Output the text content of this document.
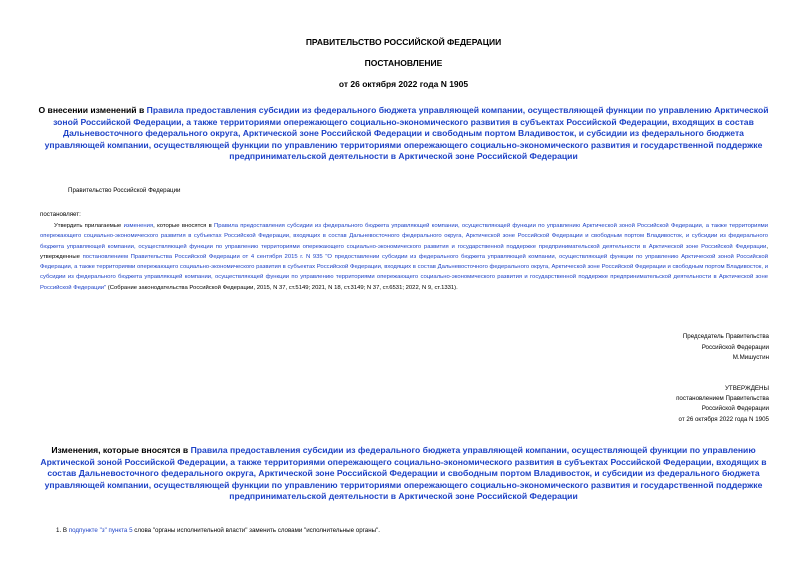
ПРАВИТЕЛЬСТВО РОССИЙСКОЙ ФЕДЕРАЦИИ
ПОСТАНОВЛЕНИЕ
от 26 октября 2022 года N 1905
О внесении изменений в Правила предоставления субсидии из федерального бюджета управляющей компании, осуществляющей функции по управлению Арктической зоной Российской Федерации, а также территориями опережающего социально-экономического развития в субъектах Российской Федерации, входящих в состав Дальневосточного федерального округа, Арктической зоне Российской Федерации и свободным портом Владивосток, и субсидии из федерального бюджета управляющей компании, осуществляющей функции по управлению территориями опережающего социально-экономического развития и государственной поддержке предпринимательской деятельности в Арктической зоне Российской Федерации
Правительство Российской Федерации
постановляет:

Утвердить прилагаемые изменения, которые вносятся в Правила предоставления субсидии из федерального бюджета управляющей компании, осуществляющей функции по управлению Арктической зоной Российской Федерации, а также территориями опережающего социально-экономического развития в субъектах Российской Федерации, входящих в состав Дальневосточного федерального округа, Арктической зоне Российской Федерации и свободным портом Владивосток, и субсидии из федерального бюджета управляющей компании, осуществляющей функции по управлению территориями опережающего социально-экономического развития и государственной поддержке предпринимательской деятельности в Арктической зоне Российской Федерации, утвержденные постановлением Правительства Российской Федерации от 4 сентября 2015 г. N 935 "О предоставлении субсидии из федерального бюджета управляющей компании, осуществляющей функции по управлению Арктической зоной Российской Федерации, а также территориями опережающего социально-экономического развития в субъектах Российской Федерации, входящих в состав Дальневосточного федерального округа, Арктической зоне Российской Федерации и свободным портом Владивосток, и субсидии из федерального бюджета управляющей компании, осуществляющей функции по управлению территориями опережающего социально-экономического развития и государственной поддержке предпринимательской деятельности в Арктической зоне Российской Федерации" (Собрание законодательства Российской Федерации, 2015, N 37, ст.5149; 2021, N 18, ст.3149; N 37, ст.6531; 2022, N 9, ст.1331).

Председатель Правительства
Российской Федерации
М.Мишустин
УТВЕРЖДЕНЫ
постановлением Правительства
Российской Федерации
от 26 октября 2022 года N 1905
Изменения, которые вносятся в Правила предоставления субсидии из федерального бюджета управляющей компании, осуществляющей функции по управлению Арктической зоной Российской Федерации, а также территориями опережающего социально-экономического развития в субъектах Российской Федерации, входящих в состав Дальневосточного федерального округа, Арктической зоне Российской Федерации и свободным портом Владивосток, и субсидии из федерального бюджета управляющей компании, осуществляющей функции по управлению территориями опережающего социально-экономического развития и государственной поддержке предпринимательской деятельности в Арктической зоне Российской Федерации
1. В подпункте "з" пункта 5 слова "органы исполнительной власти" заменить словами "исполнительные органы".
